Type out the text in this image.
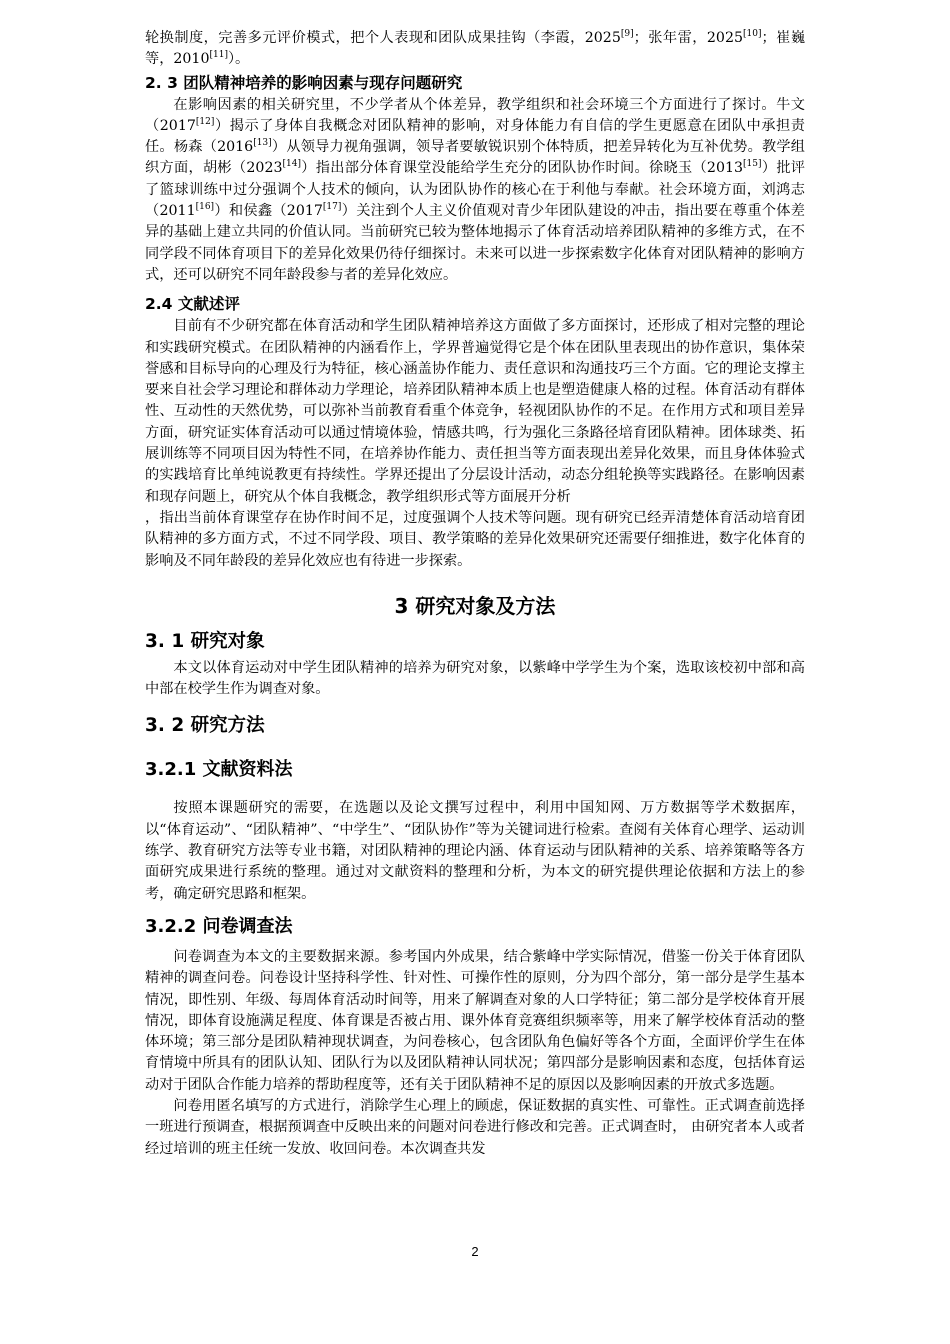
轮换制度，完善多元评价模式，把个人表现和团队成果挂钩（李霞，2025[9]；张年雷，2025[10]；崔巍等，2010[11]）。

2. 3 团队精神培养的影响因素与现存问题研究

在影响因素的相关研究里，不少学者从个体差异，教学组织和社会环境三个方面进行了探讨。牛文（2017[12]）揭示了身体自我概念对团队精神的影响，对身体能力有自信的学生更愿意在团队中承担责任。杨森（2016[13]）从领导力视角强调，领导者要敏锐识别个体特质，把差异转化为互补优势。教学组织方面，胡彬（2023[14]）指出部分体育课堂没能给学生充分的团队协作时间。徐晓玉（2013[15]）批评了篮球训练中过分强调个人技术的倾向，认为团队协作的核心在于利他与奉献。社会环境方面，刘鸿志（2011[16]）和侯鑫（2017[17]）关注到个人主义价值观对青少年团队建设的冲击，指出要在尊重个体差异的基础上建立共同的价值认同。当前研究已较为整体地揭示了体育活动培养团队精神的多维方式，在不同学段不同体育项目下的差异化效果仍待仔细探讨。未来可以进一步探索数字化体育对团队精神的影响方式，还可以研究不同年龄段参与者的差异化效应。

2.4 文献述评

目前有不少研究都在体育活动和学生团队精神培养这方面做了多方面探讨，还形成了相对完整的理论和实践研究模式。在团队精神的内涵看作上，学界普遍觉得它是个体在团队里表现出的协作意识，集体荣誉感和目标导向的心理及行为特征，核心涵盖协作能力、责任意识和沟通技巧三个方面。它的理论支撑主要来自社会学习理论和群体动力学理论，培养团队精神本质上也是塑造健康人格的过程。体育活动有群体性、互动性的天然优势，可以弥补当前教育看重个体竞争，轻视团队协作的不足。在作用方式和项目差异方面，研究证实体育活动可以通过情境体验，情感共鸣，行为强化三条路径培育团队精神。团体球类、拓展训练等不同项目因为特性不同，在培养协作能力、责任担当等方面表现出差异化效果，而且身体体验式的实践培育比单纯说教更有持续性。学界还提出了分层设计活动，动态分组轮换等实践路径。在影响因素和现存问题上，研究从个体自我概念，教学组织形式等方面展开分析
，指出当前体育课堂存在协作时间不足，过度强调个人技术等问题。现有研究已经弄清楚体育活动培育团队精神的多方面方式，不过不同学段、项目、教学策略的差异化效果研究还需要仔细推进，数字化体育的影响及不同年龄段的差异化效应也有待进一步探索。

3 研究对象及方法
3. 1 研究对象

本文以体育运动对中学生团队精神的培养为研究对象，以紫峰中学学生为个案，选取该校初中部和高中部在校学生作为调查对象。

3. 2 研究方法
3.2.1 文献资料法

按照本课题研究的需要，在选题以及论文撰写过程中，利用中国知网、万方数据等学术数据库， 以“体育运动”、“团队精神”、“中学生”、“团队协作”等为关键词进行检索。查阅有关体育心理学、运动训练学、教育研究方法等专业书籍，对团队精神的理论内涵、体育运动与团队精神的关系、培养策略等各方面研究成果进行系统的整理。通过对文献资料的整理和分析，为本文的研究提供理论依据和方法上的参考，确定研究思路和框架。

3.2.2 问卷调查法

问卷调查为本文的主要数据来源。参考国内外成果，结合紫峰中学实际情况，借鉴一份关于体育团队精神的调查问卷。问卷设计坚持科学性、针对性、可操作性的原则，分为四个部分，第一部分是学生基本情况，即性别、年级、每周体育活动时间等，用来了解调查对象的人口学特征；第二部分是学校体育开展情况，即体育设施满足程度、体育课是否被占用、课外体育竞赛组织频率等，用来了解学校体育活动的整体环境；第三部分是团队精神现状调查，为问卷核心，包含团队角色偏好等各个方面，全面评价学生在体育情境中所具有的团队认知、团队行为以及团队精神认同状况；第四部分是影响因素和态度，包括体育运动对于团队合作能力培养的帮助程度等，还有关于团队精神不足的原因以及影响因素的开放式多选题。

问卷用匿名填写的方式进行，消除学生心理上的顾虑，保证数据的真实性、可靠性。正式调查前选择一班进行预调查，根据预调查中反映出来的问题对问卷进行修改和完善。正式调查时， 由研究者本人或者经过培训的班主任统一发放、收回问卷。本次调查共发

2
